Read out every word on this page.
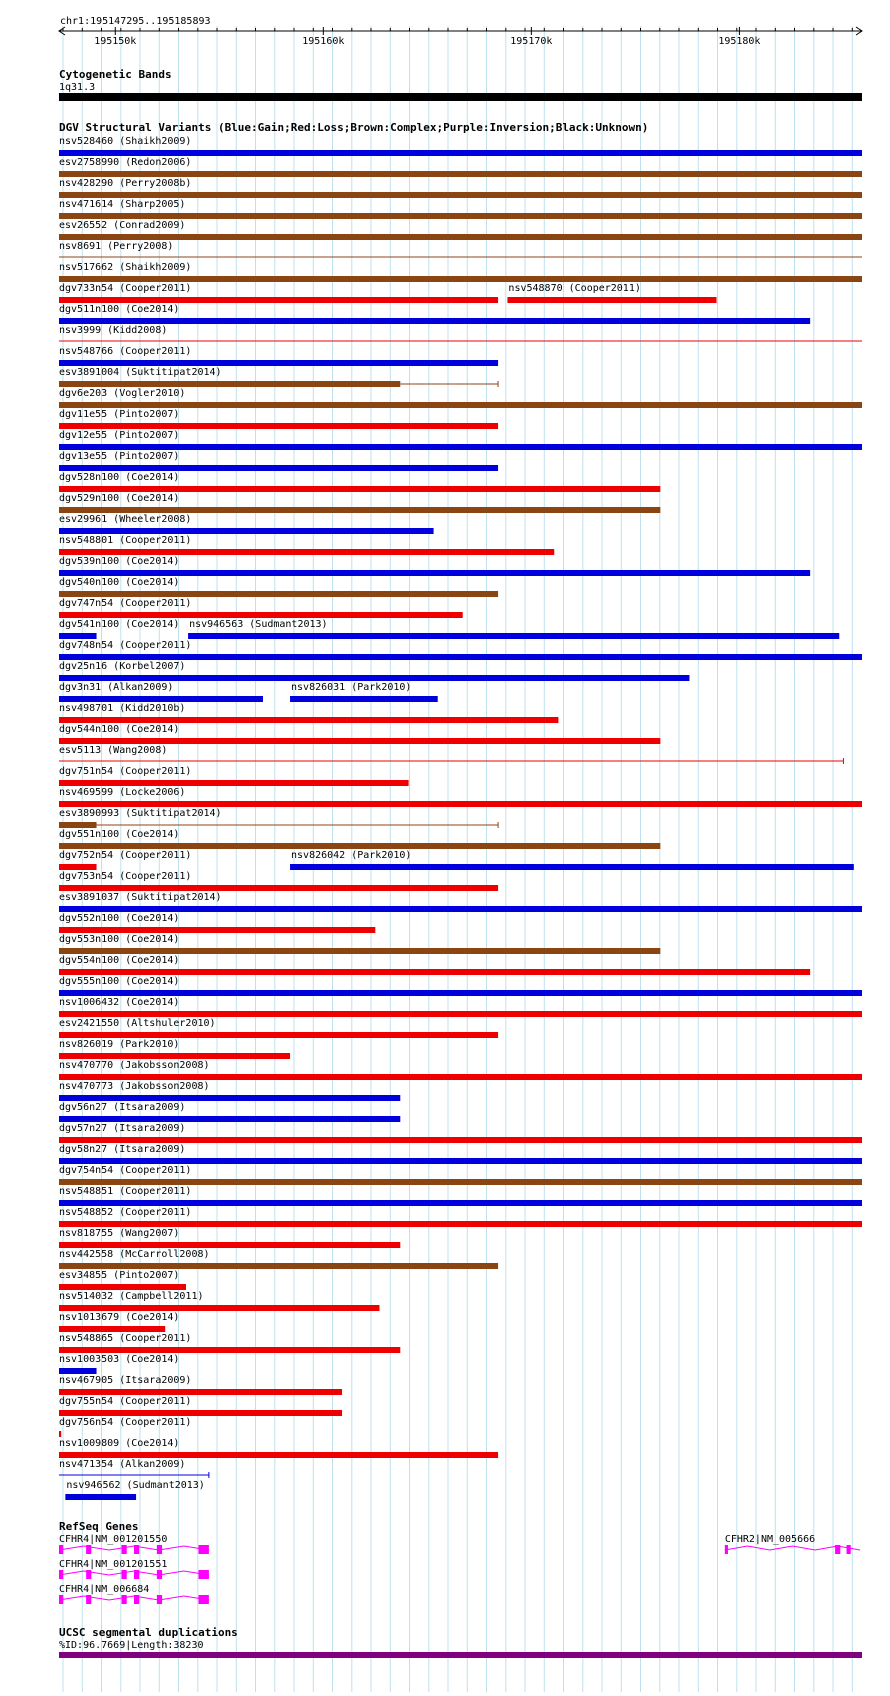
chr1:195147295..195185893
195150k	195160k	195170k	195180k
Cytogenetic Bands
1q31.3
DGV Structural Variants (Blue:Gain;Red:Loss;Brown:Complex;Purple:Inversion;Black:Unknown)
nsv528460 (Shaikh2009)
esv2758990 (Redon2006)
nsv428290 (Perry2008b)
nsv471614 (Sharp2005)
esv26552 (Conrad2009)
nsv8691 (Perry2008)
nsv517662 (Shaikh2009)
dgv733n54 (Cooper2011)	nsv548870 (Cooper2011)
dgv511n100 (Coe2014)
nsv3999 (Kidd2008)
nsv548766 (Cooper2011)
esv3891004 (Suktitipat2014)
dgv6e203 (Vogler2010)
dgv11e55 (Pinto2007)
dgv12e55 (Pinto2007)
dgv13e55 (Pinto2007)
dgv528n100 (Coe2014)
dgv529n100 (Coe2014)
esv29961 (Wheeler2008)
nsv548801 (Cooper2011)
dgv539n100 (Coe2014)
dgv540n100 (Coe2014)
dgv747n54 (Cooper2011)
dgv541n100 (Coe2014) nsv946563 (Sudmant2013)
dgv748n54 (Cooper2011)
dgv25n16 (Korbel2007)
dgv3n31 (Alkan2009)	nsv826031 (Park2010)
nsv498701 (Kidd2010b)
dgv544n100 (Coe2014)
esv5113 (Wang2008)
dgv751n54 (Cooper2011)
nsv469599 (Locke2006)
esv3890993 (Suktitipat2014)
dgv551n100 (Coe2014)
dgv752n54 (Cooper2011)	nsv826042 (Park2010)
dgv753n54 (Cooper2011)
esv3891037 (Suktitipat2014)
dgv552n100 (Coe2014)
dgv553n100 (Coe2014)
dgv554n100 (Coe2014)
dgv555n100 (Coe2014)
nsv1006432 (Coe2014)
esv2421550 (Altshuler2010)
nsv826019 (Park2010)
nsv470770 (Jakobsson2008)
nsv470773 (Jakobsson2008)
dgv56n27 (Itsara2009)
dgv57n27 (Itsara2009)
dgv58n27 (Itsara2009)
dgv754n54 (Cooper2011)
nsv548851 (Cooper2011)
nsv548852 (Cooper2011)
nsv818755 (Wang2007)
nsv442558 (McCarroll2008)
esv34855 (Pinto2007)
nsv514032 (Campbell2011)
nsv1013679 (Coe2014)
nsv548865 (Cooper2011)
nsv1003503 (Coe2014)
nsv467905 (Itsara2009)
dgv755n54 (Cooper2011)
dgv756n54 (Cooper2011)
nsv1009809 (Coe2014)
nsv471354 (Alkan2009)
nsv946562 (Sudmant2013)
RefSeq Genes
CFHR4|NM_001201550	CFHR2|NM_005666
CFHR4|NM_001201551
CFHR4|NM_006684
UCSC segmental duplications
%ID:96.7669|Length:38230
